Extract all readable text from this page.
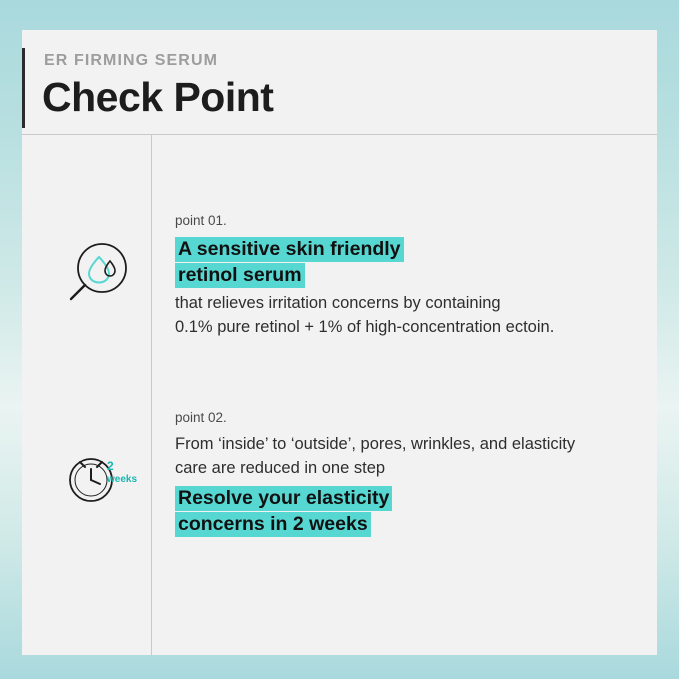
ER FIRMING SERUM
Check Point

point 01.

A sensitive skin friendly

retinol serum

that relieves irritation concerns by containing

0.1% pure retinol + 1% of high-concentration ectoin.

2
weeks

point 02.

From ‘inside’ to ‘outside’, pores, wrinkles, and elasticity

care are reduced in one step

Resolve your elasticity

concerns in 2 weeks
